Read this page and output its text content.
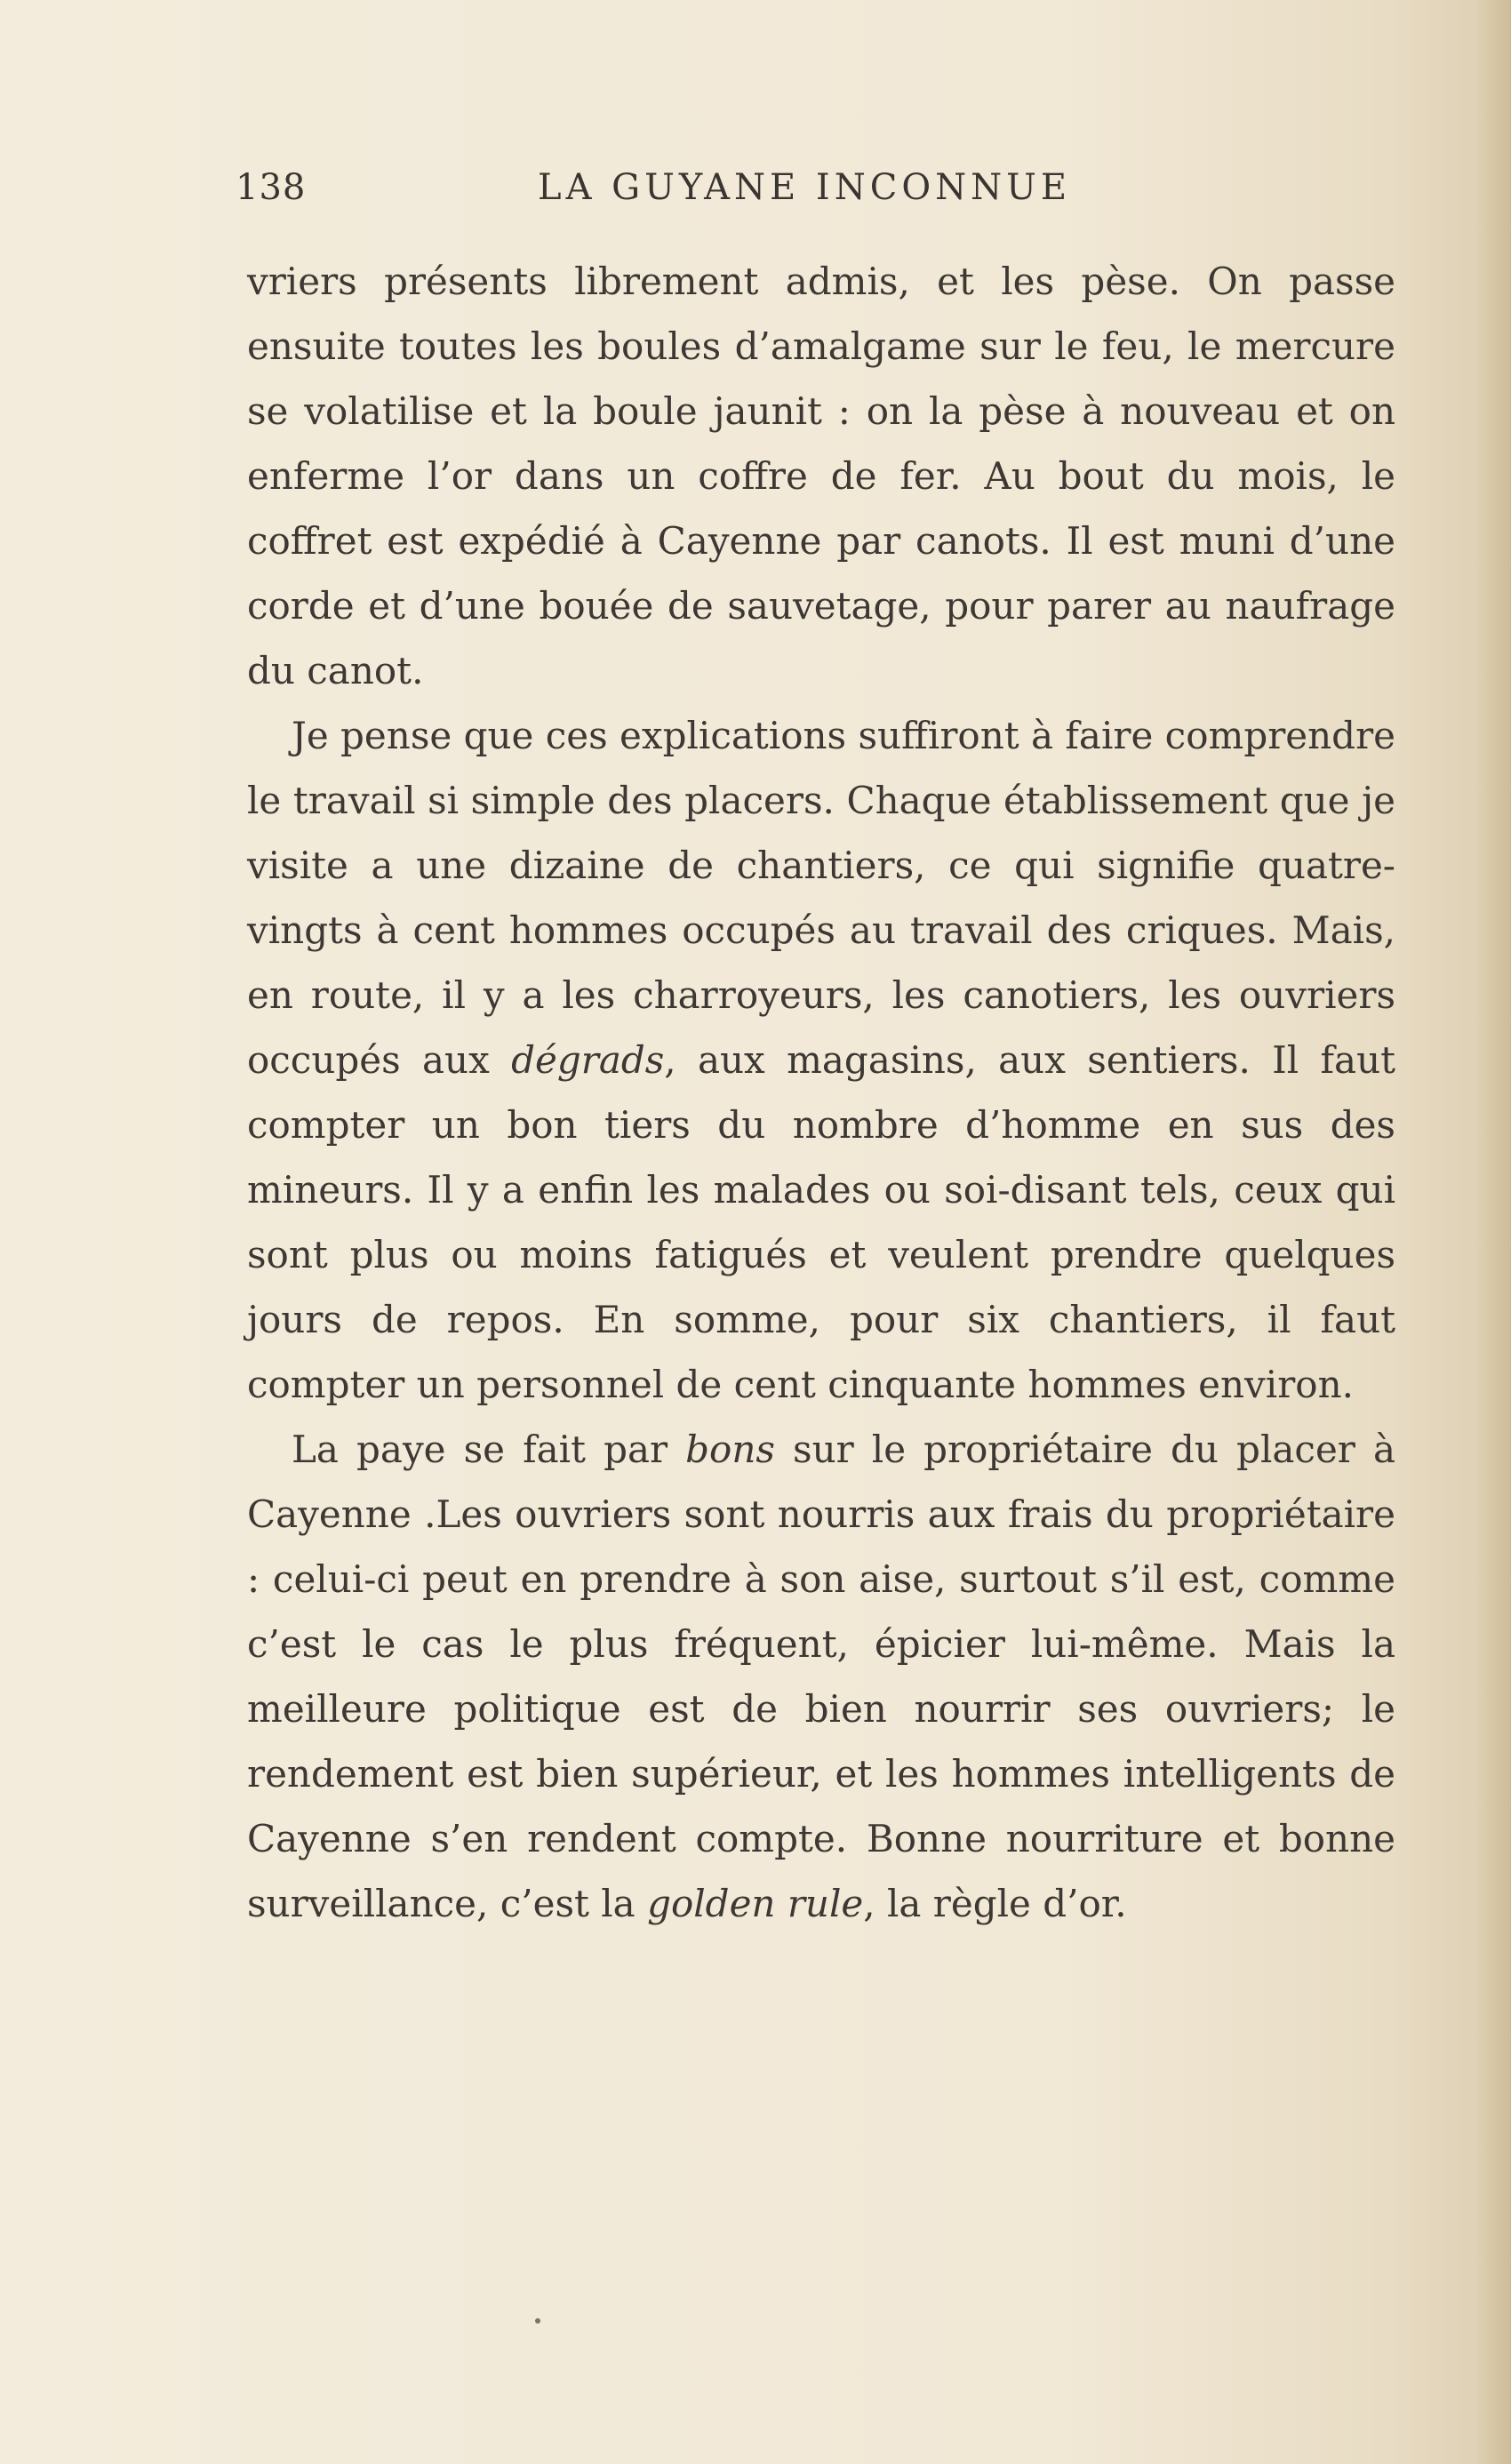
138	LA GUYANE INCONNUE

vriers présents librement admis, et les pèse. On passe ensuite toutes les boules d’amalgame sur le feu, le mercure se volatilise et la boule jaunit : on la pèse à nouveau et on enferme l’or dans un coffre de fer. Au bout du mois, le coffret est expédié à Cayenne par canots. Il est muni d’une corde et d’une bouée de sauvetage, pour parer au naufrage du canot.

Je pense que ces explications suffiront à faire comprendre le travail si simple des placers. Chaque établissement que je visite a une dizaine de chantiers, ce qui signifie quatre-vingts à cent hommes occupés au travail des criques. Mais, en route, il y a les charroyeurs, les canotiers, les ouvriers occupés aux dégrads, aux magasins, aux sentiers. Il faut compter un bon tiers du nombre d’homme en sus des mineurs. Il y a enfin les malades ou soi-disant tels, ceux qui sont plus ou moins fatigués et veulent prendre quelques jours de repos. En somme, pour six chantiers, il faut compter un personnel de cent cinquante hommes environ.

La paye se fait par bons sur le propriétaire du placer à Cayenne .Les ouvriers sont nourris aux frais du propriétaire : celui-ci peut en prendre à son aise, surtout s’il est, comme c’est le cas le plus fréquent, épicier lui-même. Mais la meilleure politique est de bien nourrir ses ouvriers; le rendement est bien supérieur, et les hommes intelligents de Cayenne s’en rendent compte. Bonne nourriture et bonne surveillance, c’est la golden rule, la règle d’or.
